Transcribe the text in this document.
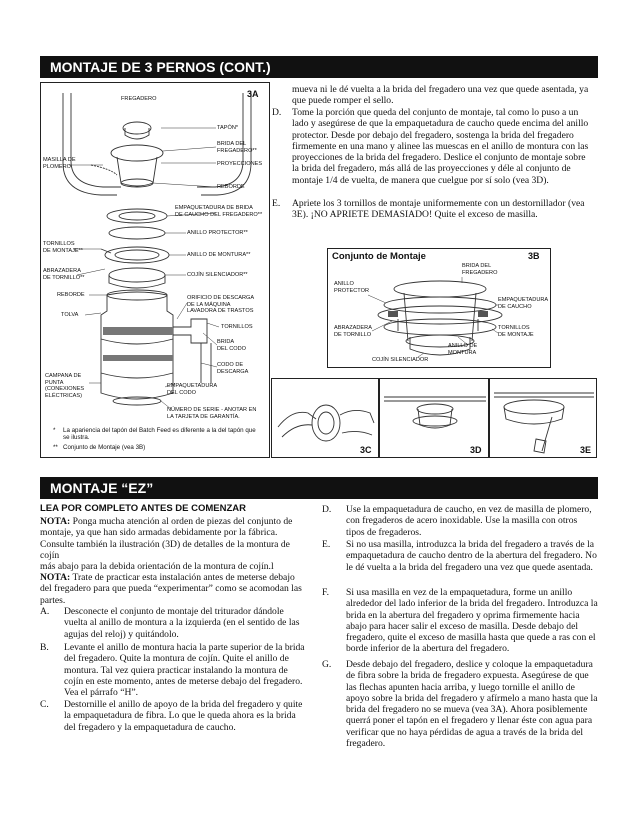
MONTAJE DE 3 PERNOS (CONT.)
FREGADERO	3A
TAPÓN*
BRIDA DEL
FREGADERO**
MASILLA DE
PLOMERO	PROYECCIONES
REBORDE
EMPAQUETADURA DE BRIDA
DE CAUCHO DEL FREGADERO**
ANILLO PROTECTOR**
TORNILLOS
DE MONTAJE**
ANILLO DE MONTURA**
ABRAZADERA
DE TORNILLO**	COJÍN SILENCIADOR**
REBORDE	ORIFICIO DE DESCARGA
DE LA MÁQUINA
LAVADORA DE TRASTOS
TOLVA
TORNILLOS
BRIDA
DEL CODO
CODO DE
DESCARGA
CAMPANA DE
PUNTA
(CONEXIONES
ELÉCTRICAS)
EMPAQUETADURA
DEL CODO
NÚMERO DE SERIE - ANOTAR EN
LA TARJETA DE GARANTÍA.
*	La apariencia del tapón del Batch Feed es diferente a la del tapón que se ilustra.
** Conjunto de Montaje (vea 3B)
mueva ni le dé vuelta a la brida del fregadero una vez que quede asentada, ya que puede romper el sello.
D. Tome la porción que queda del conjunto de montaje, tal como lo puso a un lado y asegúrese de que la empaquetadura de caucho quede encima del anillo protector. Desde por debajo del fregadero, sostenga la brida del fregadero firmemente en una mano y alinee las muescas en el anillo de montura con las proyecciones de la brida del fregadero. Deslice el conjunto de montaje sobre la brida del fregadero, más allá de las proyecciones y déle al conjunto de montaje 1/4 de vuelta, de manera que cuelgue por sí solo (vea 3D).
E. Apriete los 3 tornillos de montaje uniformemente con un destornillador (vea 3E). ¡NO APRIETE DEMASIADO! Quite el exceso de masilla.
Conjunto de Montaje	3B
BRIDA DEL
FREGADERO
ANILLO
PROTECTOR
EMPAQUETADURA
DE CAUCHO
ABRAZADERA
DE TORNILLO
TORNILLOS
DE MONTAJE
ANILLO DE
MONTURA
COJÍN SILENCIADOR
3C	3D	3E
MONTAJE “EZ”
LEA POR COMPLETO ANTES DE COMENZAR
NOTA: Ponga mucha atención al orden de piezas del conjunto de montaje, ya que han sido armadas debidamente por la fábrica. Consulte también la ilustración (3D) de detalles de la montura de cojín
más abajo para la debida orientación de la montura de cojín.l
NOTA: Trate de practicar esta instalación antes de meterse debajo del fregadero para que pueda “experimentar” como se acomodan las partes.
A. Desconecte el conjunto de montaje del triturador dándole vuelta al anillo de montura a la izquierda (en el sentido de las agujas del reloj) y quitándolo.
B. Levante el anillo de montura hacia la parte superior de la brida del fregadero. Quite la montura de cojín. Quite el anillo de montura. Tal vez quiera practicar instalando la montura de cojín en este momento, antes de meterse debajo del fregadero. Vea el párrafo “H”.
C. Destornille el anillo de apoyo de la brida del fregadero y quite la empaquetadura de fibra. Lo que le queda ahora es la brida del fregadero y la empaquetadura de caucho.
D. Use la empaquetadura de caucho, en vez de masilla de plomero, con fregaderos de acero inoxidable. Use la masilla con otros tipos de fregaderos.
E. Si no usa masilla, introduzca la brida del fregadero a través de la empaquetadura de caucho dentro de la abertura del fregadero. No le dé vuelta a la brida del fregadero una vez que quede asentada.
F. Si usa masilla en vez de la empaquetadura, forme un anillo alrededor del lado inferior de la brida del fregadero. Introduzca la brida en la abertura del fregadero y oprima firmemente hacia abajo para hacer salir el exceso de masilla. Desde debajo del fregadero, quite el exceso de masilla hasta que quede a ras con el borde inferior de la abertura del fregadero.
G. Desde debajo del fregadero, deslice y coloque la empaquetadura de fibra sobre la brida de fregadero expuesta. Asegúrese de que las flechas apunten hacia arriba, y luego tornille el anillo de apoyo sobre la brida del fregadero y afírmelo a mano hasta que la brida del fregadero no se mueva (vea 3A). Ahora posiblemente querrá poner el tapón en el fregadero y llenar éste con agua para verificar que no haya pérdidas de agua a través de la brida del fregadero.
